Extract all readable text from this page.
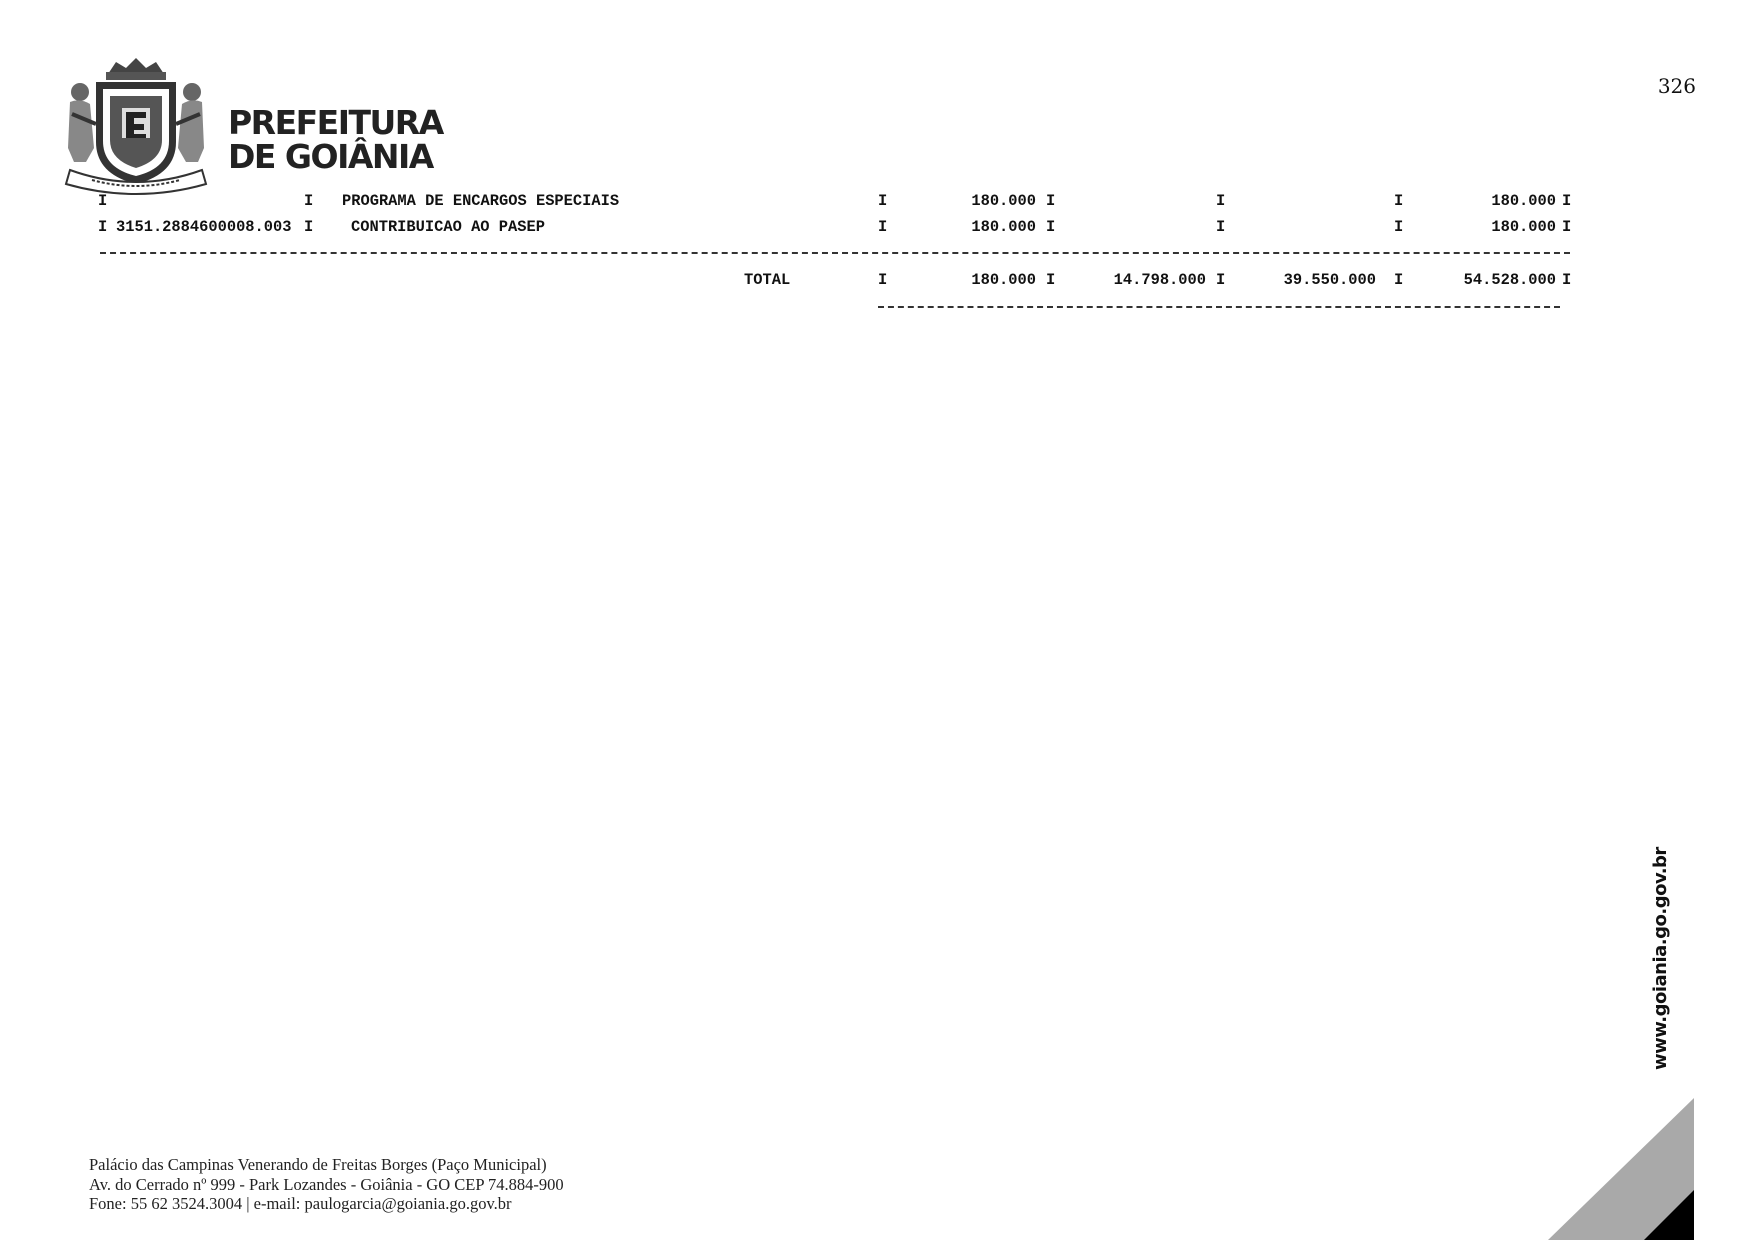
PREFEITURA
DE GOIÂNIA
326
I	I PROGRAMA DE ENCARGOS ESPECIAIS	I	180.000 I	I	I	180.000 I
I 3151.2884600008.003 I CONTRIBUICAO AO PASEP	I	180.000 I	I	I	180.000 I
TOTAL	I	180.000 I	14.798.000 I	39.550.000 I	54.528.000 I
www.goiania.go.gov.br
Palácio das Campinas Venerando de Freitas Borges (Paço Municipal)
Av. do Cerrado nº 999 - Park Lozandes - Goiânia - GO CEP 74.884-900
Fone: 55 62 3524.3004 | e-mail: paulogarcia@goiania.go.gov.br
